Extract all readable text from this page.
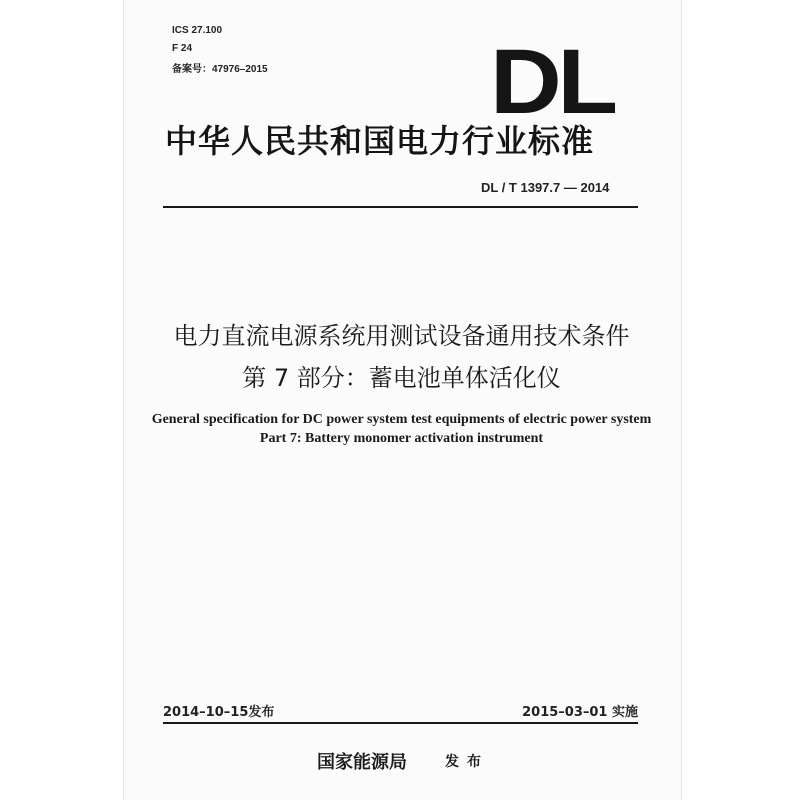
ICS 27.100
F 24
备案号：47976–2015 DL
中华人民共和国电力行业标准
DL / T 1397.7 — 2014
电力直流电源系统用测试设备通用技术条件
第 7 部分：蓄电池单体活化仪
General specification for DC power system test equipments of electric power system
Part 7: Battery monomer activation instrument
2014–10–15发布	2015–03–01 实施
国家能源局	发布
